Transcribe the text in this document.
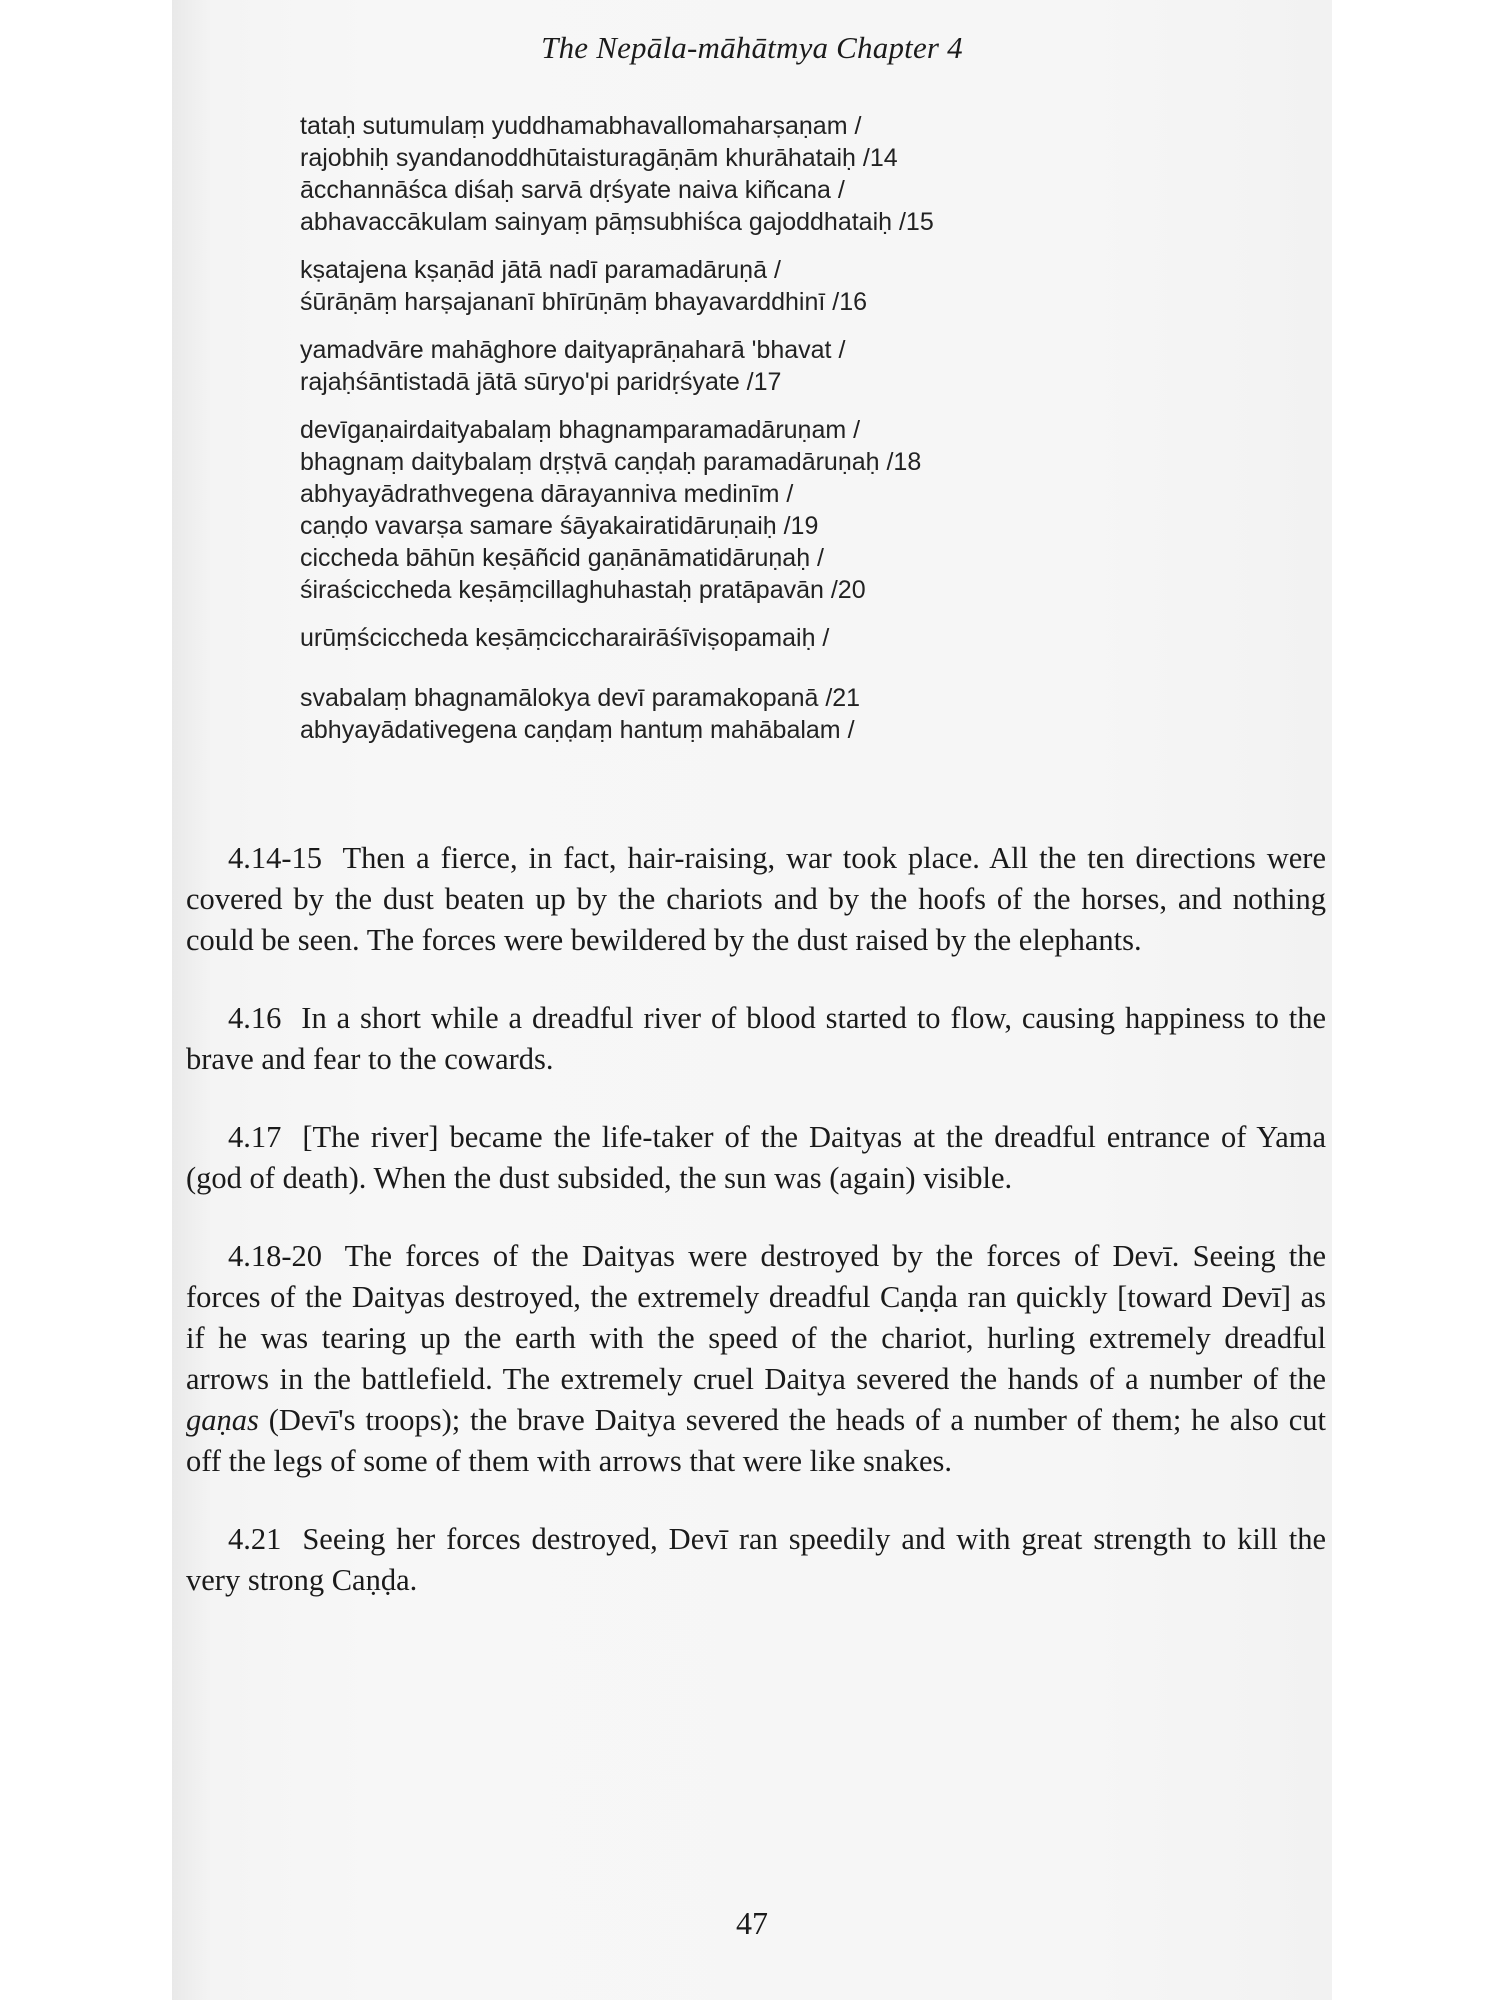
The Nepāla-māhātmya Chapter 4
tataḥ sutumulaṃ yuddhamabhavallomaharṣaṇam /
rajobhiḥ syandanoddhūtaisturagāṇām khurāhataiḥ /14
ācchannāśca diśaḥ sarvā dṛśyate naiva kiñcana /
abhavaccākulam sainyaṃ pāṃsubhiśca gajoddhataiḥ /15
kṣatajena kṣaṇād jātā nadī paramadāruṇā /
śūrāṇāṃ harṣajananī bhīrūṇāṃ bhayavarddhinī /16
yamadvāre mahāghore daityaprāṇaharā 'bhavat /
rajaḥśāntistadā jātā sūryo'pi paridṛśyate /17
devīgaṇairdaityabalaṃ bhagnamparamadāruṇam /
bhagnaṃ daitybalaṃ dṛṣṭvā caṇḍaḥ paramadāruṇaḥ /18
abhyayādrathvegena dārayanniva medinīm /
caṇḍo vavarṣa samare śāyakairatidāruṇaiḥ /19
ciccheda bāhūn keṣāñcid gaṇānāmatidāruṇaḥ /
śiraściccheda keṣāṃcillaghuhastaḥ pratāpavān /20
urūṃściccheda keṣāṃciccharairāśīviṣopamaiḥ /
svabalaṃ bhagnamālokya devī paramakopanā /21
abhyayādativegena caṇḍaṃ hantuṃ mahābalam /

4.14-15 Then a fierce, in fact, hair-raising, war took place. All the ten directions were covered by the dust beaten up by the chariots and by the hoofs of the horses, and nothing could be seen. The forces were bewildered by the dust raised by the elephants.

4.16 In a short while a dreadful river of blood started to flow, causing happiness to the brave and fear to the cowards.

4.17 [The river] became the life-taker of the Daityas at the dreadful entrance of Yama (god of death). When the dust subsided, the sun was (again) visible.

4.18-20 The forces of the Daityas were destroyed by the forces of Devī. Seeing the forces of the Daityas destroyed, the extremely dreadful Caṇḍa ran quickly [toward Devī] as if he was tearing up the earth with the speed of the chariot, hurling extremely dreadful arrows in the battlefield. The extremely cruel Daitya severed the hands of a number of the gaṇas (Devī's troops); the brave Daitya severed the heads of a number of them; he also cut off the legs of some of them with arrows that were like snakes.

4.21 Seeing her forces destroyed, Devī ran speedily and with great strength to kill the very strong Caṇḍa.

47
